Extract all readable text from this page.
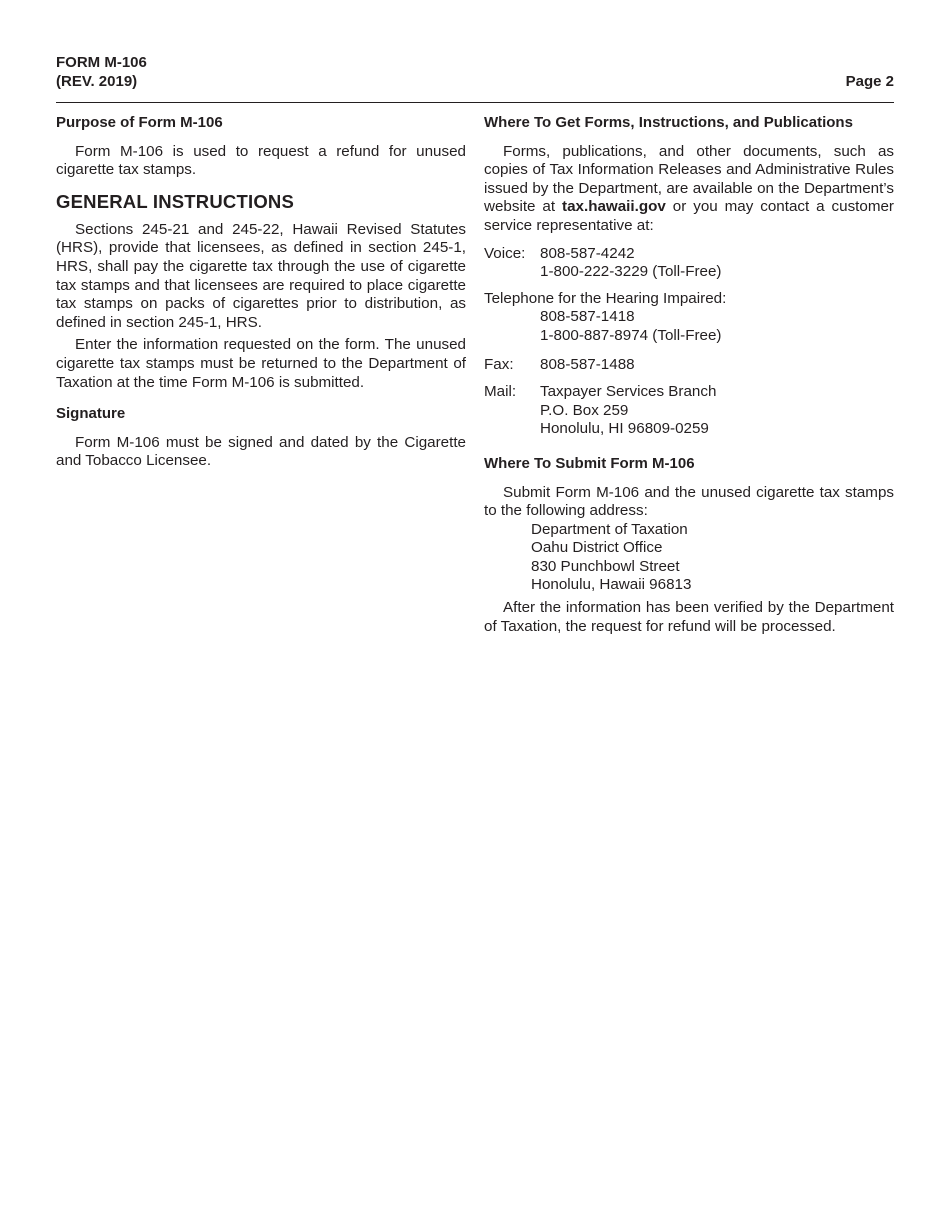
FORM M-106
(REV. 2019)	Page 2
Purpose of Form M-106

Form M-106 is used to request a refund for unused cigarette tax stamps.

GENERAL INSTRUCTIONS

Sections 245-21 and 245-22, Hawaii Revised Statutes (HRS), provide that licensees, as defined in section 245-1, HRS, shall pay the cigarette tax through the use of cigarette tax stamps and that licensees are required to place cigarette tax stamps on packs of cigarettes prior to distribution, as defined in section 245-1, HRS.

Enter the information requested on the form. The unused cigarette tax stamps must be returned to the Department of Taxation at the time Form M-106 is submitted.

Signature

Form M-106 must be signed and dated by the Cigarette and Tobacco Licensee.

Where To Get Forms, Instructions, and Publications

Forms, publications, and other documents, such as copies of Tax Information Releases and Administrative Rules issued by the Department, are available on the Department’s website at tax.hawaii.gov or you may contact a customer service representative at:

Voice: 808-587-4242
1-800-222-3229 (Toll-Free)
Telephone for the Hearing Impaired:
808-587-1418
1-800-887-8974 (Toll-Free)
Fax:	808-587-1488
Mail:	Taxpayer Services Branch
P.O. Box 259
Honolulu, HI 96809-0259
Where To Submit Form M-106

Submit Form M-106 and the unused cigarette tax stamps to the following address:

Department of Taxation
Oahu District Office
830 Punchbowl Street
Honolulu, Hawaii 96813

After the information has been verified by the Department of Taxation, the request for refund will be processed.
